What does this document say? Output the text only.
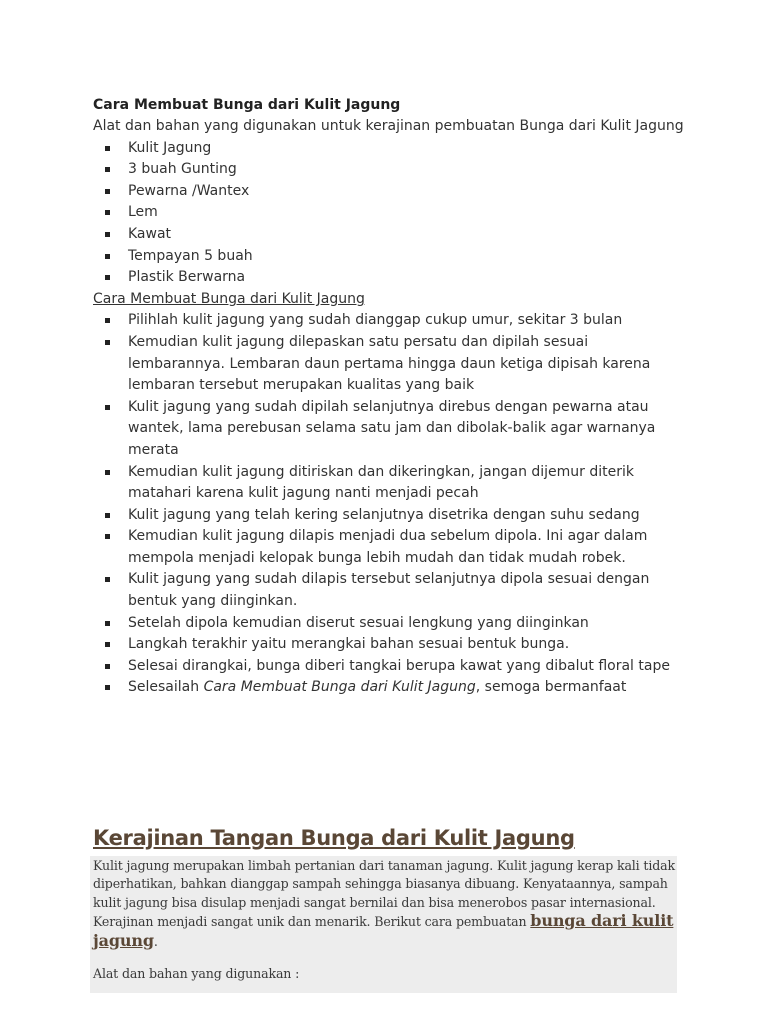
Cara Membuat Bunga dari Kulit Jagung

Alat dan bahan yang digunakan untuk kerajinan pembuatan Bunga dari Kulit Jagung

Kulit Jagung
3 buah Gunting
Pewarna /Wantex
Lem
Kawat
Tempayan 5 buah
Plastik Berwarna

Cara Membuat Bunga dari Kulit Jagung

Pilihlah kulit jagung yang sudah dianggap cukup umur, sekitar 3 bulan
Kemudian kulit jagung dilepaskan satu persatu dan dipilah sesuai lembarannya. Lembaran daun pertama hingga daun ketiga dipisah karena lembaran tersebut merupakan kualitas yang baik
Kulit jagung yang sudah dipilah selanjutnya direbus dengan pewarna atau wantek, lama perebusan selama satu jam dan dibolak-balik agar warnanya merata
Kemudian kulit jagung ditiriskan dan dikeringkan, jangan dijemur diterik matahari karena kulit jagung nanti menjadi pecah
Kulit jagung yang telah kering selanjutnya disetrika dengan suhu sedang
Kemudian kulit jagung dilapis menjadi dua sebelum dipola. Ini agar dalam mempola menjadi kelopak bunga lebih mudah dan tidak mudah robek.
Kulit jagung yang sudah dilapis tersebut selanjutnya dipola sesuai dengan bentuk yang diinginkan.
Setelah dipola kemudian diserut sesuai lengkung yang diinginkan
Langkah terakhir yaitu merangkai bahan sesuai bentuk bunga.
Selesai dirangkai, bunga diberi tangkai berupa kawat yang dibalut floral tape
Selesailah Cara Membuat Bunga dari Kulit Jagung, semoga bermanfaat
Kerajinan Tangan Bunga dari Kulit Jagung
Kulit jagung merupakan limbah pertanian dari tanaman jagung. Kulit jagung kerap kali tidak diperhatikan, bahkan dianggap sampah sehingga biasanya dibuang. Kenyataannya, sampah kulit jagung bisa disulap menjadi sangat bernilai dan bisa menerobos pasar internasional. Kerajinan menjadi sangat unik dan menarik. Berikut cara pembuatan bunga dari kulit jagung.
Alat dan bahan yang digunakan :
